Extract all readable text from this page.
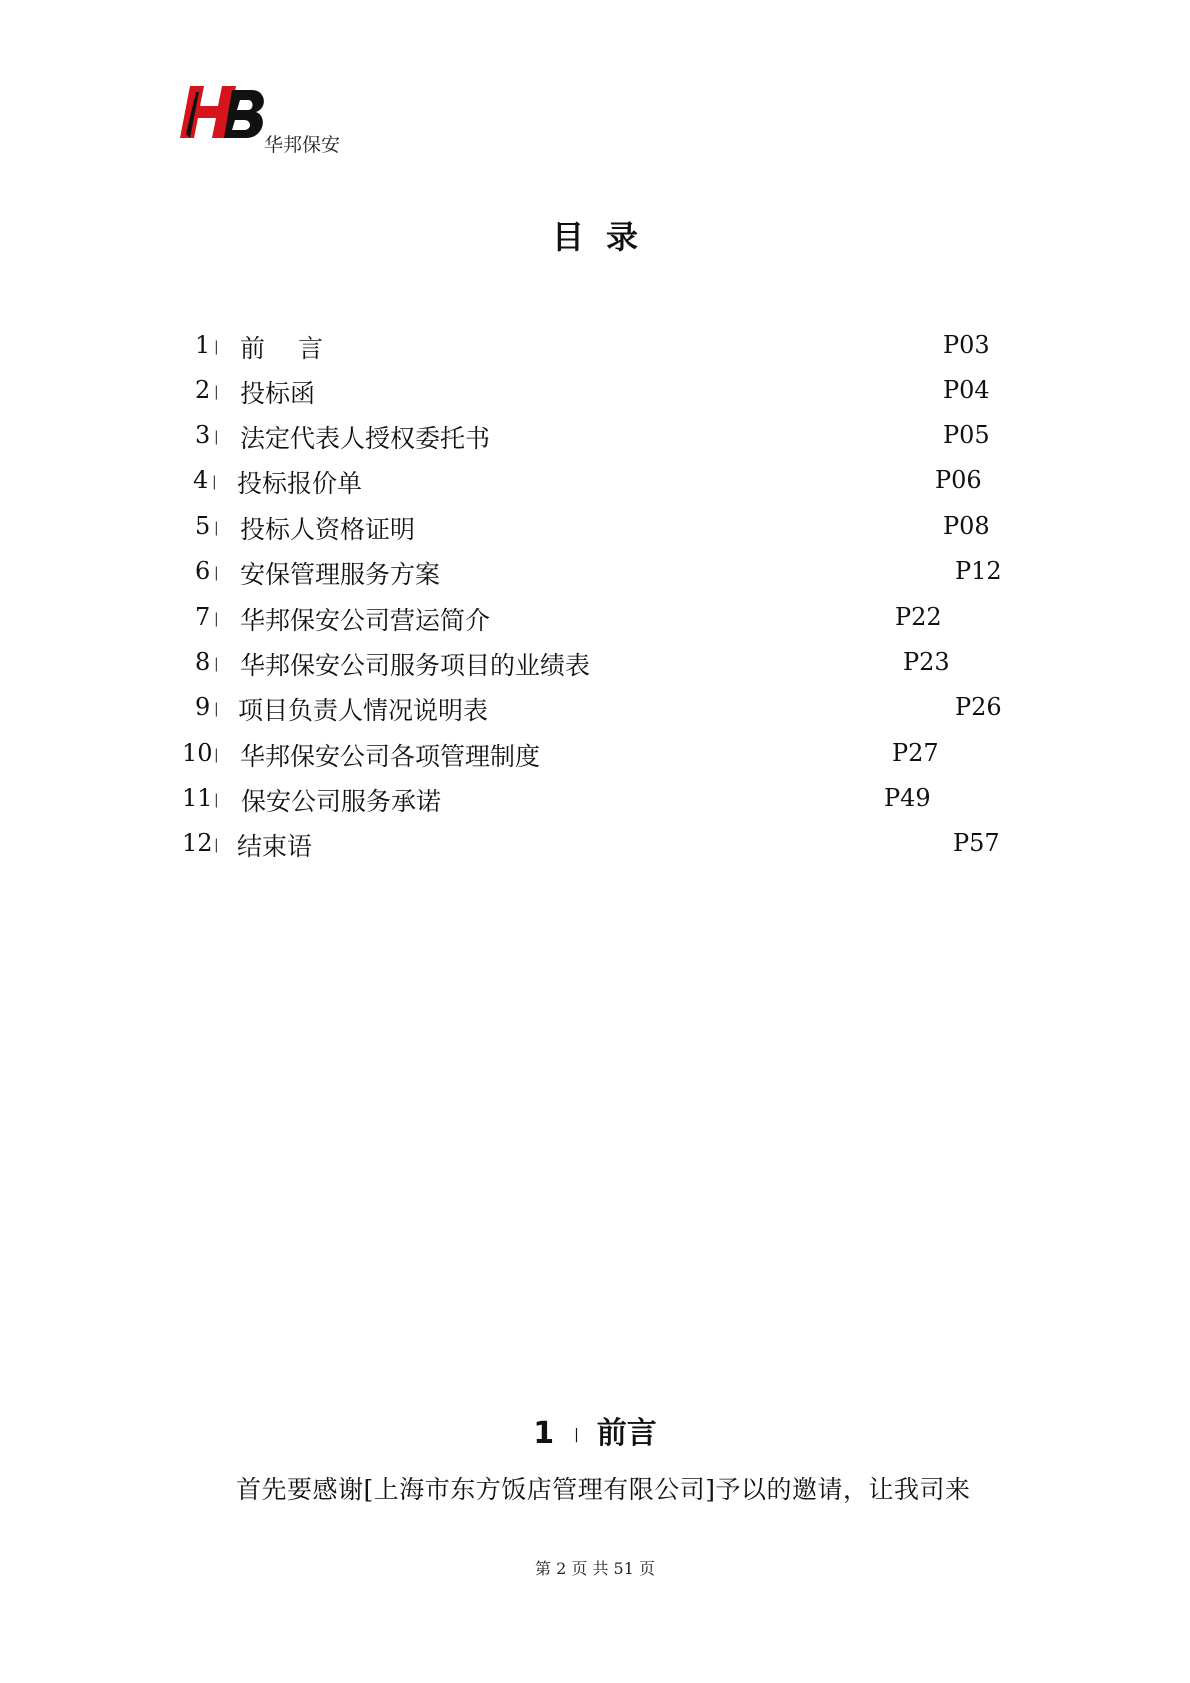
华邦保安
目录
1 | 前　 言	P03
2 | 投标函	P04
3 | 法定代表人授权委托书	P05
4 | 投标报价单	P06
5 | 投标人资格证明	P08
6 | 安保管理服务方案	P12
7 | 华邦保安公司营运简介	P22
8 | 华邦保安公司服务项目的业绩表	P23
9 | 项目负责人情况说明表	P26
10 | 华邦保安公司各项管理制度	P27
11 | 保安公司服务承诺	P49
12 | 结束语	P57
1 | 前言
首先要感谢[上海市东方饭店管理有限公司]予以的邀请，让我司来
第 2 页 共 51 页
